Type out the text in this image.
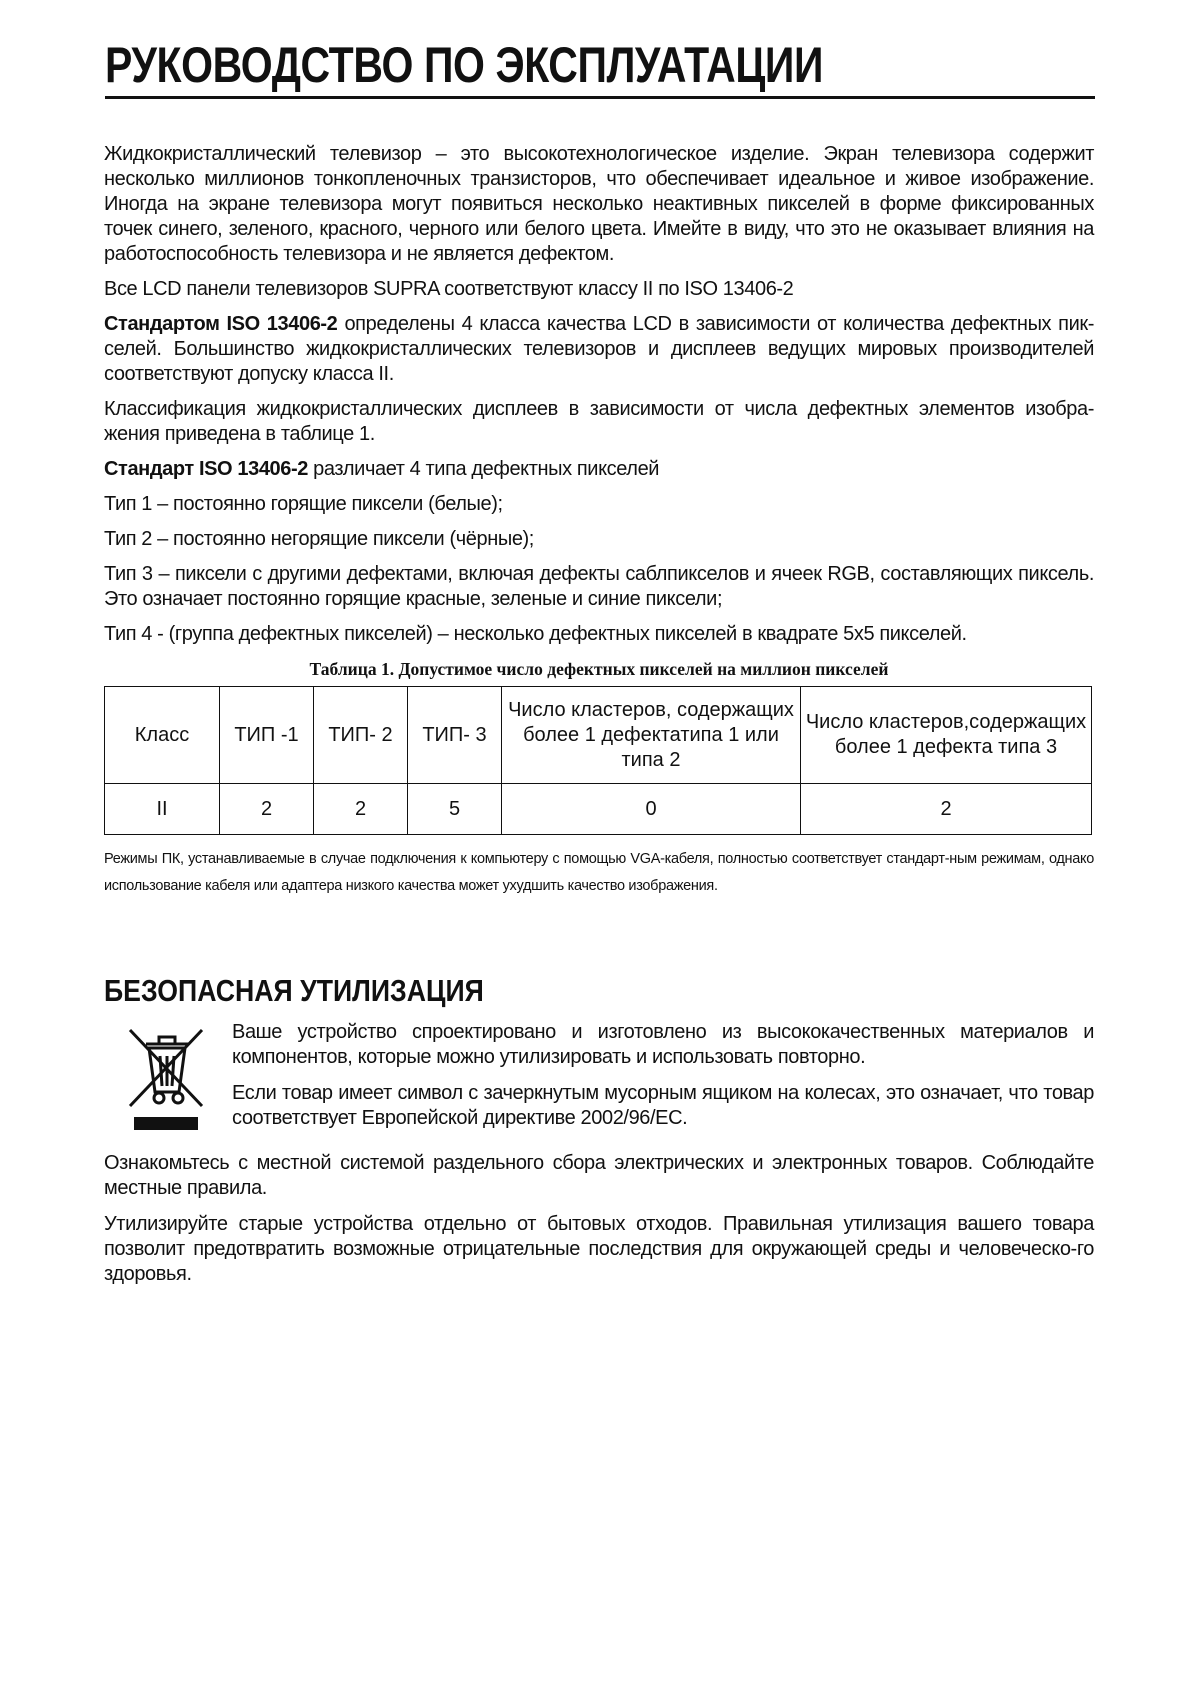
РУКОВОДСТВО ПО ЭКСПЛУАТАЦИИ

Жидкокристаллический телевизор – это высокотехнологическое изделие. Экран телевизора содержит несколько миллионов тонкопленочных транзисторов, что обеспечивает идеальное и живое изображение. Иногда на экране телевизора могут появиться несколько неактивных пикселей в форме фиксированных точек синего, зеленого, красного, черного или белого цвета. Имейте в виду, что это не оказывает влияния на работоспособность телевизора и не является дефектом.

Все LCD панели телевизоров SUPRA соответствуют классу II по ISO 13406-2

Стандартом ISO 13406-2 определены 4 класса качества LCD в зависимости от количества дефектных пик-селей. Большинство жидкокристаллических телевизоров и дисплеев ведущих мировых производителей соответствуют допуску класса II.

Классификация жидкокристаллических дисплеев в зависимости от числа дефектных элементов изобра-жения приведена в таблице 1.

Стандарт ISO 13406-2 различает 4 типа дефектных пикселей

Тип 1 – постоянно горящие пиксели (белые);

Тип 2 – постоянно негорящие пиксели (чёрные);

Тип 3 – пиксели с другими дефектами, включая дефекты саблпикселов и ячеек RGB, составляющих пиксель. Это означает постоянно горящие красные, зеленые и синие пиксели;

Тип 4 - (группа дефектных пикселей) – несколько дефектных пикселей в квадрате 5х5 пикселей.

Таблица 1. Допустимое число дефектных пикселей на миллион пикселей
Класс	ТИП -1	ТИП- 2	ТИП- 3	Число кластеров, содержащих более 1 дефектатипа 1 или типа 2	Число кластеров,содержащих более 1 дефекта типа 3
II	2	2	5	0	2
Режимы ПК, устанавливаемые в случае подключения к компьютеру с помощью VGA-кабеля, полностью соответствует стандарт-ным режимам, однако использование кабеля или адаптера низкого качества может ухудшить качество изображения.
БЕЗОПАСНАЯ УТИЛИЗАЦИЯ

Ваше устройство спроектировано и изготовлено из высококачественных материалов и компонентов, которые можно утилизировать и использовать повторно.

Если товар имеет символ с зачеркнутым мусорным ящиком на колесах, это означает, что товар соответствует Европейской директиве 2002/96/EC.

Ознакомьтесь с местной системой раздельного сбора электрических и электронных товаров. Соблюдайте местные правила.

Утилизируйте старые устройства отдельно от бытовых отходов. Правильная утилизация вашего товара позволит предотвратить возможные отрицательные последствия для окружающей среды и человеческо-го здоровья.
